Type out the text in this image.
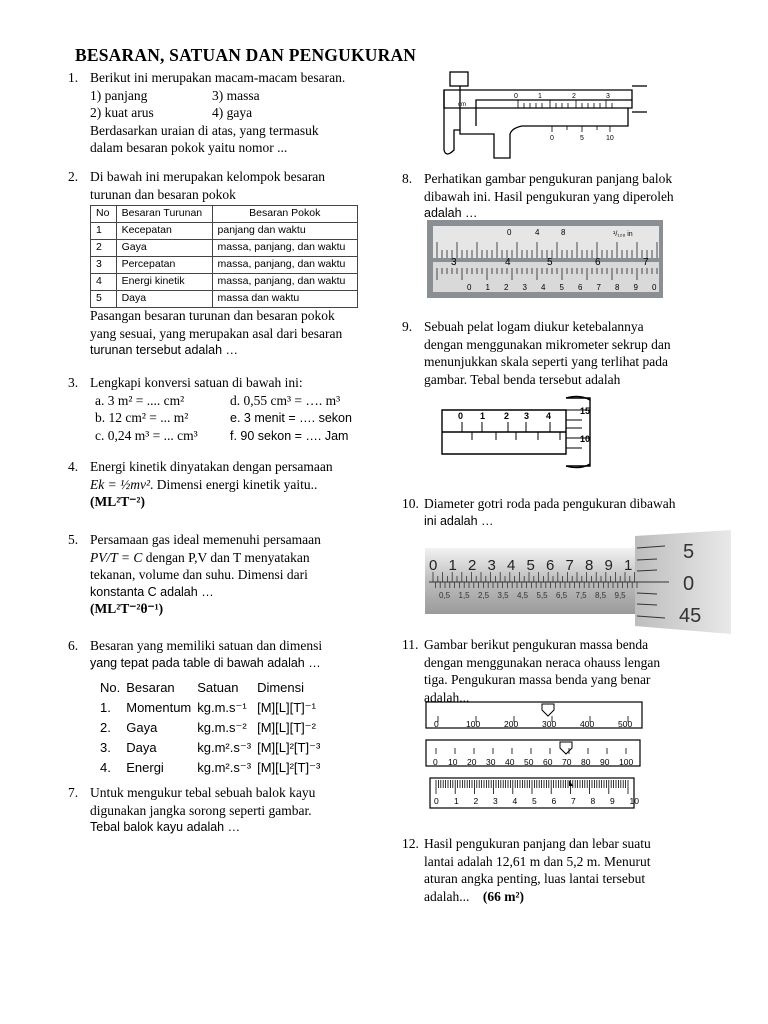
BESARAN, SATUAN DAN PENGUKURAN
1. Berikut ini merupakan macam-macam besaran.
1) panjang	3) massa
2) kuat arus	4) gaya
Berdasarkan uraian di atas, yang termasuk
dalam besaran pokok yaitu nomor ...
2. Di bawah ini merupakan kelompok besaran
turunan dan besaran pokok
No	Besaran Turunan	Besaran Pokok
1	Kecepatan	panjang dan waktu
2	Gaya	massa, panjang, dan waktu
3	Percepatan	massa, panjang, dan waktu
4	Energi kinetik	massa, panjang, dan waktu
5	Daya	massa dan waktu
Pasangan besaran turunan dan besaran pokok
yang sesuai, yang merupakan asal dari besaran
turunan tersebut adalah …
3. Lengkapi konversi satuan di bawah ini:
a. 3 m² = .... cm²	d. 0,55 cm³ = …. m³
b. 12 cm² = ... m²	e. 3 menit = …. sekon
c. 0,24 m³ = ... cm³	f. 90 sekon = …. Jam
4. Energi kinetik dinyatakan dengan persamaan
Ek = ½mv². Dimensi energi kinetik yaitu..
(ML²T⁻²)
5. Persamaan gas ideal memenuhi persamaan
PV/T = C dengan P,V dan T menyatakan
tekanan, volume dan suhu. Dimensi dari
konstanta C adalah …
(ML²T⁻²θ⁻¹)
6. Besaran yang memiliki satuan dan dimensi
yang tepat pada table di bawah adalah …
No.	Besaran	Satuan	Dimensi
1.	Momentum	kg.m.s⁻¹	[M][L][T]⁻¹
2.	Gaya	kg.m.s⁻²	[M][L][T]⁻²
3.	Daya	kg.m².s⁻³	[M][L]²[T]⁻³
4.	Energi	kg.m².s⁻³	[M][L]²[T]⁻³
7. Untuk mengukur tebal sebuah balok kayu
digunakan jangka sorong seperti gambar.
Tebal balok kayu adalah …
cm
0	1	2	3
0	5	10
8. Perhatikan gambar pengukuran panjang balok
dibawah ini. Hasil pengukuran yang diperoleh
adalah …
0	4	8	¹/₁₂₈ in
3	4	5	6	7
0 1 2 3 4 5 6 7 8 9 0
9. Sebuah pelat logam diukur ketebalannya
dengan menggunakan mikrometer sekrup dan
menunjukkan skala seperti yang terlihat pada
gambar. Tebal benda tersebut adalah
0 1 2 3 4	15
10
10. Diameter gotri roda pada pengukuran dibawah
ini adalah …
0 1 2 3 4 5 6 7 8 9 1
0,5 1,5 2,5 3,5 4,5 5,5 6,5 7,5 8,5 9,5
5
0
45
11. Gambar berikut pengukuran massa benda
dengan menggunakan neraca ohauss lengan
tiga. Pengukuran massa benda yang benar
adalah...
0	100	200	300	400	500
0 10 20 30 40 50 60 70 80 90 100
0 1 2 3 4 5 6 7 8 9 10
12. Hasil pengukuran panjang dan lebar suatu
lantai adalah 12,61 m dan 5,2 m. Menurut
aturan angka penting, luas lantai tersebut
adalah... (66 m²)
